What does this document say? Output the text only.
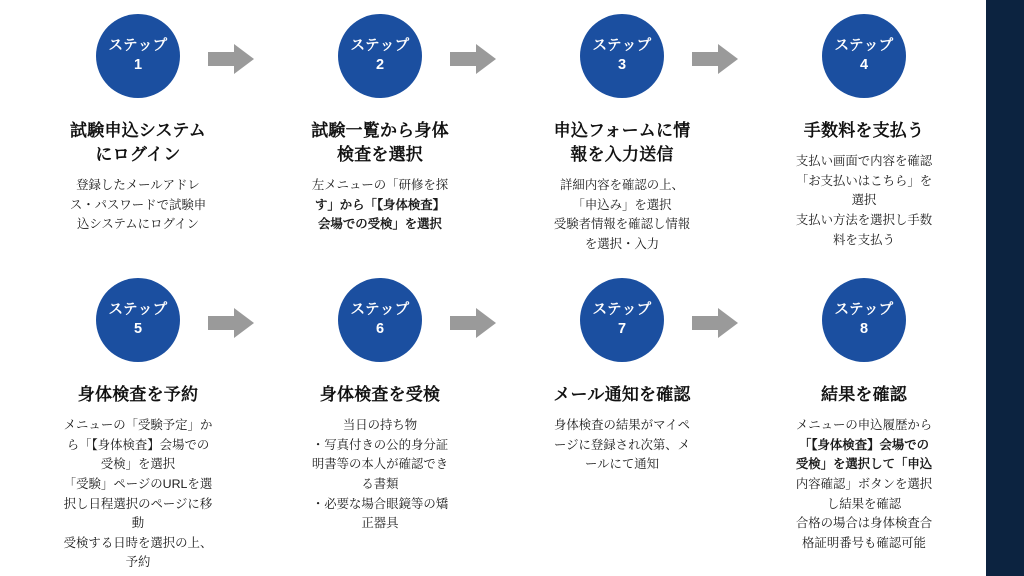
ステップ
1
試験申込システム
にログイン
登録したメールアドレ
ス・パスワードで試験申
込システムにログイン
ステップ
2
試験一覧から身体
検査を選択
左メニューの「研修を探
す」から「【身体検査】
会場での受検」を選択
ステップ
3
申込フォームに情
報を入力送信
詳細内容を確認の上、
「申込み」を選択
受験者情報を確認し情報
を選択・入力
ステップ
4
手数料を支払う
支払い画面で内容を確認
「お支払いはこちら」を
選択
支払い方法を選択し手数
料を支払う
ステップ
5
身体検査を予約
メニューの「受験予定」か
ら「【身体検査】会場での
受検」を選択
「受験」ページのURLを選
択し日程選択のページに移
動
受検する日時を選択の上、
予約
ステップ
6
身体検査を受検
当日の持ち物
・写真付きの公的身分証
明書等の本人が確認でき
る書類
・必要な場合眼鏡等の矯
正器具
ステップ
7
メール通知を確認
身体検査の結果がマイペ
ージに登録され次第、メ
ールにて通知
ステップ
8
結果を確認
メニューの申込履歴から
「【身体検査】会場での
受検」を選択して「申込
内容確認」ボタンを選択
し結果を確認
合格の場合は身体検査合
格証明番号も確認可能
